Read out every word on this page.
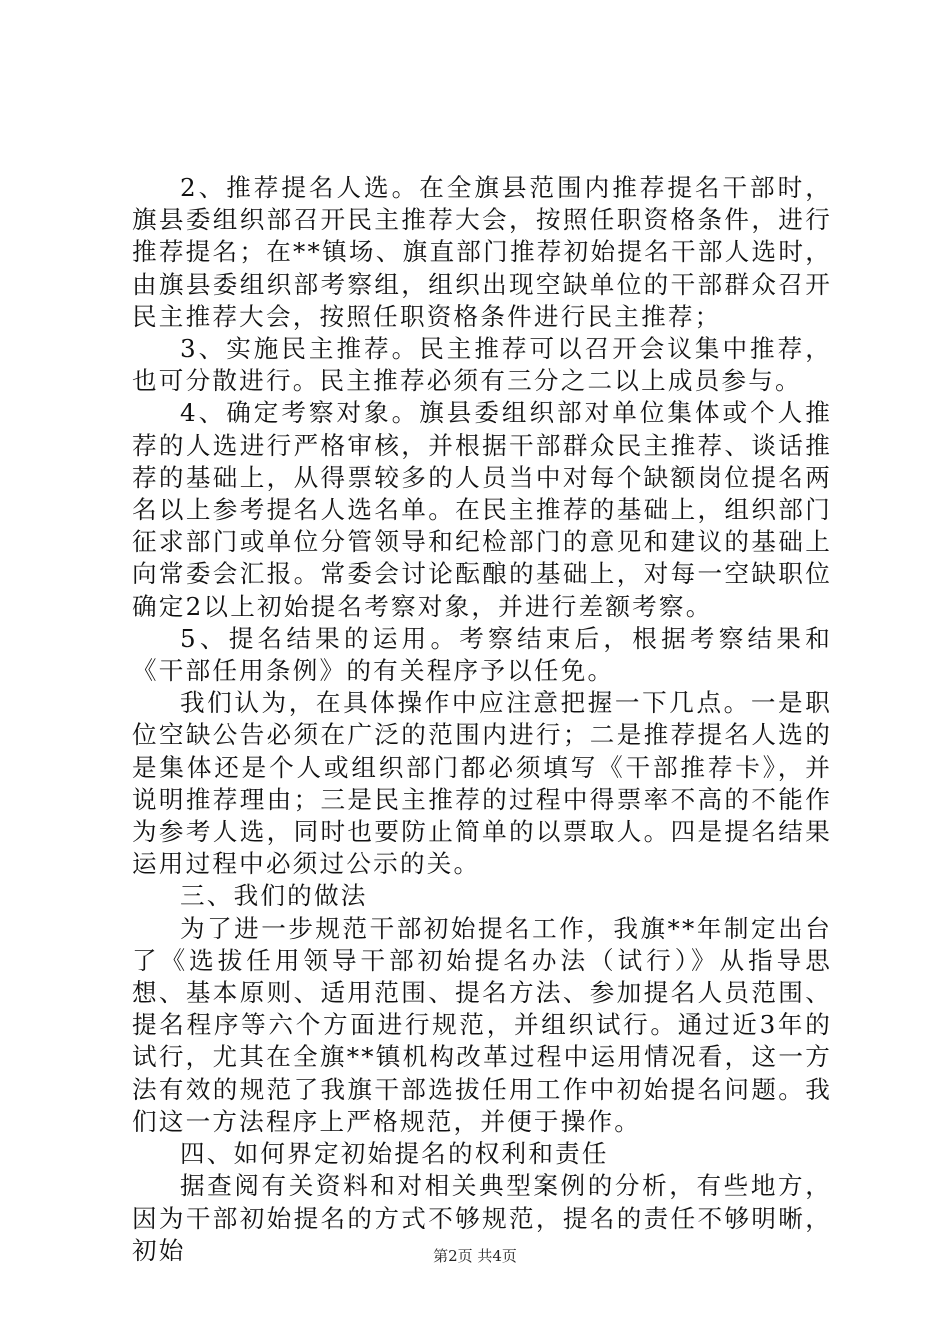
2、推荐提名人选。在全旗县范围内推荐提名干部时，旗县委组织部召开民主推荐大会，按照任职资格条件，进行推荐提名；在**镇场、旗直部门推荐初始提名干部人选时，由旗县委组织部考察组，组织出现空缺单位的干部群众召开民主推荐大会，按照任职资格条件进行民主推荐；

3、实施民主推荐。民主推荐可以召开会议集中推荐，也可分散进行。民主推荐必须有三分之二以上成员参与。

4、确定考察对象。旗县委组织部对单位集体或个人推荐的人选进行严格审核，并根据干部群众民主推荐、谈话推荐的基础上，从得票较多的人员当中对每个缺额岗位提名两名以上参考提名人选名单。在民主推荐的基础上，组织部门征求部门或单位分管领导和纪检部门的意见和建议的基础上向常委会汇报。常委会讨论酝酿的基础上，对每一空缺职位确定2以上初始提名考察对象，并进行差额考察。

5、提名结果的运用。考察结束后，根据考察结果和《干部任用条例》的有关程序予以任免。

我们认为，在具体操作中应注意把握一下几点。一是职位空缺公告必须在广泛的范围内进行；二是推荐提名人选的是集体还是个人或组织部门都必须填写《干部推荐卡》，并说明推荐理由；三是民主推荐的过程中得票率不高的不能作为参考人选，同时也要防止简单的以票取人。四是提名结果运用过程中必须过公示的关。

三、我们的做法

为了进一步规范干部初始提名工作，我旗**年制定出台了《选拔任用领导干部初始提名办法（试行）》从指导思想、基本原则、适用范围、提名方法、参加提名人员范围、提名程序等六个方面进行规范，并组织试行。通过近3年的试行，尤其在全旗**镇机构改革过程中运用情况看，这一方法有效的规范了我旗干部选拔任用工作中初始提名问题。我们这一方法程序上严格规范，并便于操作。

四、如何界定初始提名的权利和责任

据查阅有关资料和对相关典型案例的分析，有些地方，因为干部初始提名的方式不够规范，提名的责任不够明晰，初始	第2页 共4页
